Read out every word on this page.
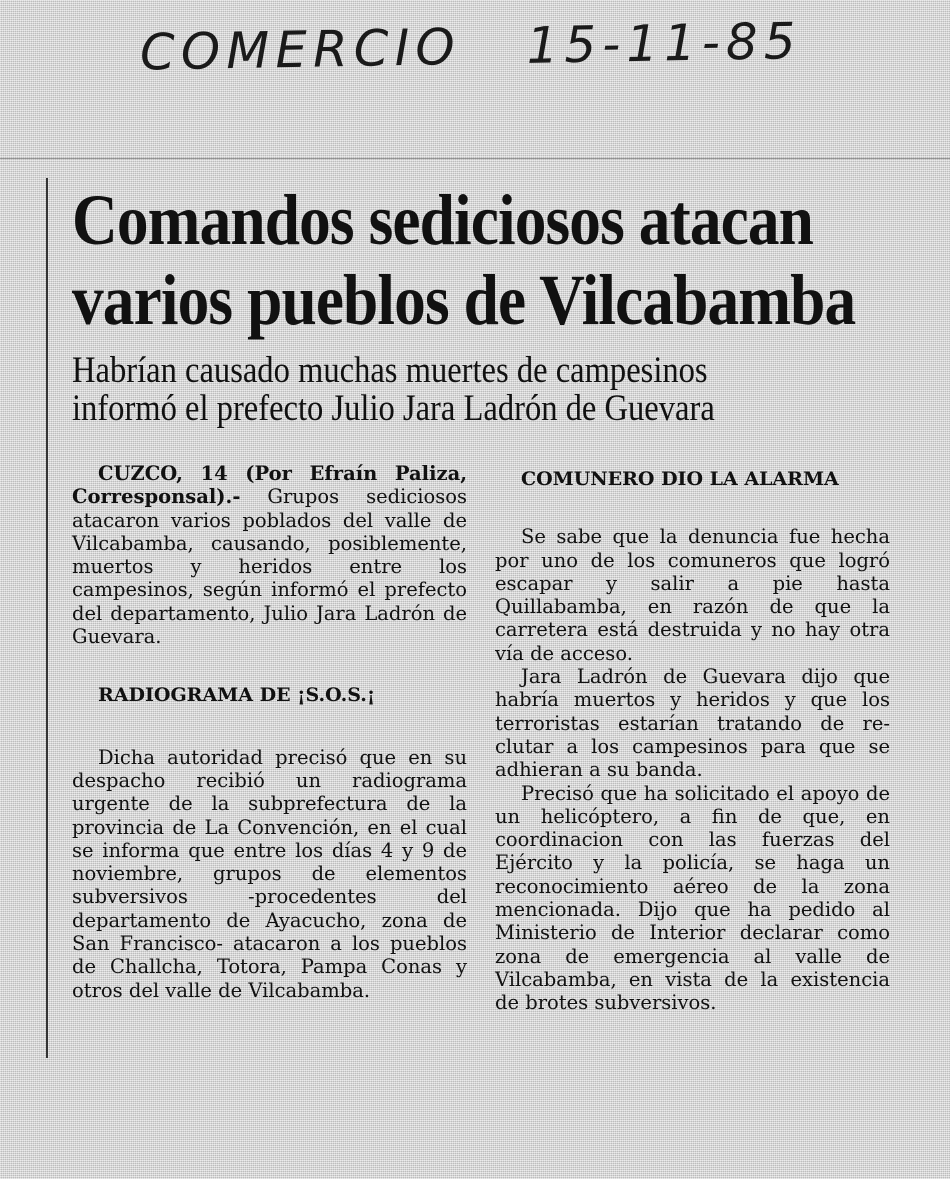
COMERCIO 15-11-85
Comandos sediciosos atacan
varios pueblos de Vilcabamba
Habrían causado muchas muertes de campesinos
informó el prefecto Julio Jara Ladrón de Guevara

CUZCO, 14 (Por Efraín Paliza, Corresponsal).- Grupos sediciosos atacaron varios poblados del valle de Vilcabamba, causando, posiblemente, muertos y heridos entre los campesinos, según informó el prefecto del departamento, Julio Jara Ladrón de Guevara.

RADIOGRAMA DE ¡S.O.S.¡

Dicha autoridad precisó que en su despacho recibió un radiograma urgente de la subprefectura de la provincia de La Convención, en el cual se informa que entre los días 4 y 9 de noviembre, grupos de elementos subversivos -procedentes del departamento de Ayacucho, zona de San Francisco- atacaron a los pueblos de Challcha, Totora, Pampa Conas y otros del valle de Vilcabamba.

COMUNERO DIO LA ALARMA

Se sabe que la denuncia fue hecha por uno de los comuneros que logró escapar y salir a pie hasta Quillabamba, en razón de que la carretera está destruida y no hay otra vía de acceso.

Jara Ladrón de Guevara dijo que habría muertos y heridos y que los terroristas estarían tratando de reclutar a los campesinos para que se adhieran a su banda.

Precisó que ha solicitado el apoyo de un helicóptero, a fin de que, en coordinacion con las fuerzas del Ejército y la policía, se haga un reconocimiento aéreo de la zona mencionada. Dijo que ha pedido al Ministerio de Interior declarar como zona de emergencia al valle de Vilcabamba, en vista de la existencia de brotes subversivos.
